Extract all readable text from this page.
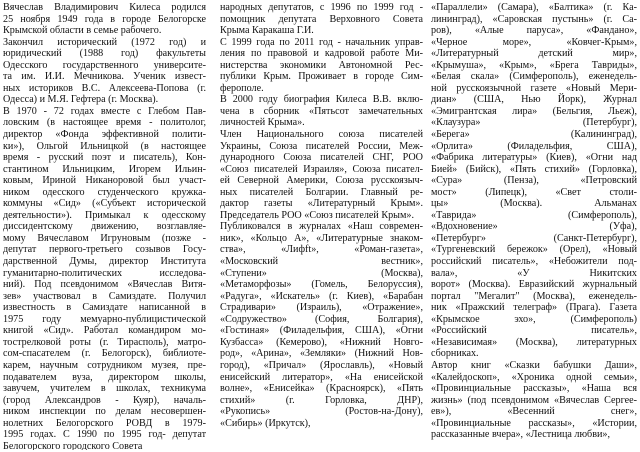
Вячеслав Владимирович Килеса родился
25 ноября 1949 года в городе Белогорске
Крымской области в семье рабочего.
Закончил исторический (1972 год) и
юридический (1988 год) факультеты
Одесского государственного университе-
та им. И.И. Мечникова. Ученик извест-
ных историков В.С. Алексеева-Попова (г.
Одесса) и М.Я. Гефтера (г. Москва).
В 1970 - 72 годах вместе с Глебом Пав-
ловским (в настоящее время - политолог,
директор «Фонда эффективной полити-
ки»), Ольгой Ильницкой (в настоящее
время - русский поэт и писатель), Кон-
стантином Ильницким, Игорем Ильин-
ковым, Ириной Никаноровой был участ-
ником одесского студенческого кружка-
коммуны «Сид» («Субъект исторической
деятельности»). Примыкал к одесскому
диссидентскому движению, возглавляе-
мому Вячеславом Игруновым (позже -
депутат первого-третьего созывов Госу-
дарственной Думы, директор Института
гуманитарно-политических исследова-
ний). Под псевдонимом «Вячеслав Витя-
зев» участвовал в Самиздате. Получил
известность в Самиздате написанной в
1975 году мемуарно-публицистической
книгой «Сид». Работал командиром мо-
тострелковой роты (г. Тирасполь), матро-
сом-спасателем (г. Белогорск), библиоте-
карем, научным сотрудником музея, пре-
подавателем вуза, директором школы,
завучем, учителем в школах, техникума
(город Александров - Куяр), началь-
ником инспекции по делам несовершен-
нолетних Белогорского РОВД в 1979-
1995 годах. С 1990 по 1995 год- депутат
Белогорского городского Совета
народных депутатов, с 1996 по 1999 год -
помощник депутата Верховного Совета
Крыма Каракаша Г.И.
С 1999 года по 2011 год - начальник управ-
ления по правовой и кадровой работе Ми-
нистерства экономики Автономной Рес-
публики Крым. Проживает в городе Сим-
ферополе.
В 2000 году биография Килеса В.В. вклю-
чена в сборник «Пятьсот замечательных
личностей Крыма».
Член Национального союза писателей
Украины, Союза писателей России, Меж-
дународного Союза писателей СНГ, РОО
«Союз писателей Израиля», Союза писател-
ей Северной Америки, Союза русскоязыч-
ных писателей Болгарии. Главный ре-
дактор газеты «Литературный Крым».
Председатель РОО «Союз писателей Крым».
Публиковался в журналах «Наш современ-
ник», «Кольцо А», «Литературные знаком-
ства», «Лифft», «Роман-газета»,
«Московский вестник»,
«Ступени» (Москва),
«Метаморфозы» (Гомель, Белоруссия),
«Радуга», «Искатель» (г. Киев), «Барабан
Страдивари» (Израиль), «Отражение»,
«Содружество» (София, Болгария),
«Гостиная» (Филадельфия, США), «Огни
Кузбасса» (Кемерово), «Нижний Новго-
род», «Арина», «Земляки» (Нижний Нов-
город), «Причал» (Ярославль), «Новый
енисейский литератор», «На енисейской
волне», «Енисейка» (Красноярск), «Пять
стихий» (г. Горловка, ДНР),
«Рукопись» (Ростов-на-Дону),
«Сибирь» (Иркутск),
«Параллели» (Самара), «Балтика» (г. Ка-
лининград), «Саровская пустынь» (г. Са-
ров), «Алые паруса», «Фандано»,
«Черное море», «Ковчег-Крым»,
«Литературный детский мир»,
«Крымуша», «Крым», «Брега Тавриды»,
«Белая скала» (Симферополь), еженедель-
ной русскоязычной газете «Новый Мери-
диан» (США, Нью Йорк), Журнал
«Эмигрантская лира» (Бельгия, Льеж),
«Клаузура» (Петербург),
«Берега» (Калининград),
«Орлита» (Филадельфия, США),
«Фабрика литературы» (Киев), «Огни над
Бией» (Бийск), «Пять стихий» (Горловка),
«Сура» (Пенза), «Петровский
мост» (Липецк), «Свет столи-
цы» (Москва). Альманах
«Таврида» (Симферополь),
«Вдохновение» (Уфа),
«Петербург» (Санкт-Петербург),
«Тургеневский бережок» (Орел), «Новый
российский писатель», «Небожители под-
вала», «У Никитских
ворот» (Москва). Евразийский журнальный
портал "Мегалит" (Москва), еженедель-
ник «Пражский телеграф» (Прага). Газета
«Крымское эхо», (Симферополь)
«Российский писатель»,
«Независимая» (Москва), литературных
сборниках.
Автор книг «Сказки бабушки Даши»,
«Калейдоскоп», «Хроника одной семьи»,
«Провинциальные рассказы», «Наша вся
жизнь» (под псевдонимом «Вячеслав Сергее-
ев»), «Весенний снег»,
«Провинциальные рассказы», «Истории,
рассказанные вчера», «Лестница любви»,
